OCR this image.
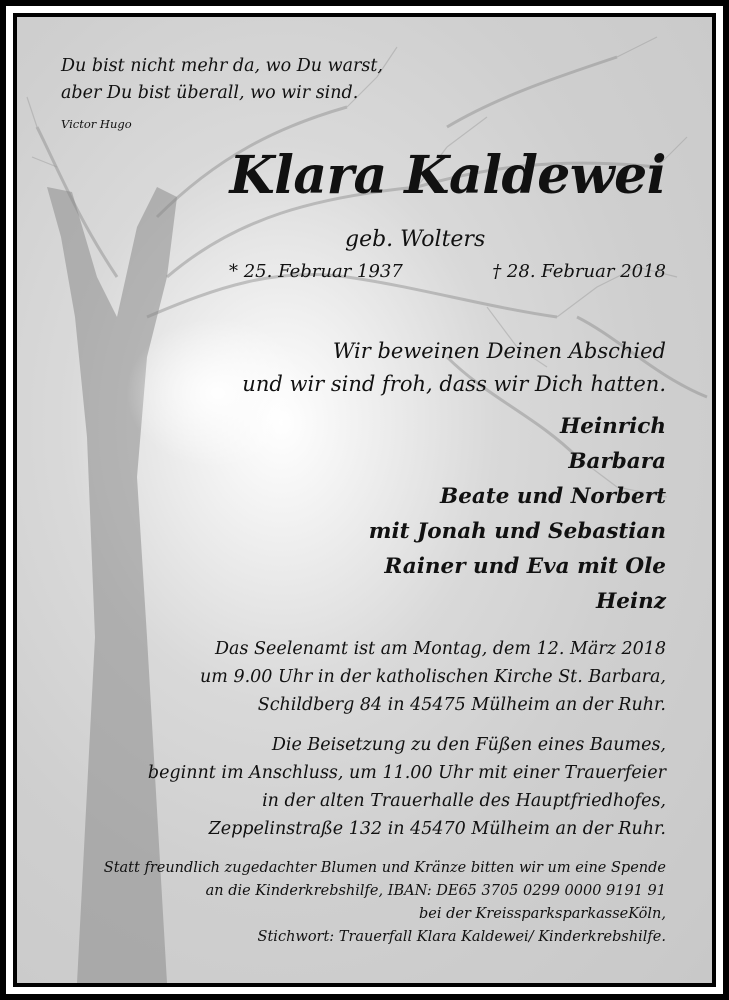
Du bist nicht mehr da, wo Du warst,
aber Du bist überall, wo wir sind.
Victor Hugo
Klara Kaldewei
geb. Wolters
* 25. Februar 1937	† 28. Februar 2018
Wir beweinen Deinen Abschied
und wir sind froh, dass wir Dich hatten.
Heinrich
Barbara
Beate und Norbert
mit Jonah und Sebastian
Rainer und Eva mit Ole
Heinz
Das Seelenamt ist am Montag, dem 12. März 2018
um 9.00 Uhr in der katholischen Kirche St. Barbara,
Schildberg 84 in 45475 Mülheim an der Ruhr.
Die Beisetzung zu den Füßen eines Baumes,
beginnt im Anschluss, um 11.00 Uhr mit einer Trauerfeier
in der alten Trauerhalle des Hauptfriedhofes,
Zeppelinstraße 132 in 45470 Mülheim an der Ruhr.
Statt freundlich zugedachter Blumen und Kränze bitten wir um eine Spende
an die Kinderkrebshilfe, IBAN: DE65 3705 0299 0000 9191 91
bei der KreissparksparkasseKöln,
Stichwort: Trauerfall Klara Kaldewei/ Kinderkrebshilfe.
